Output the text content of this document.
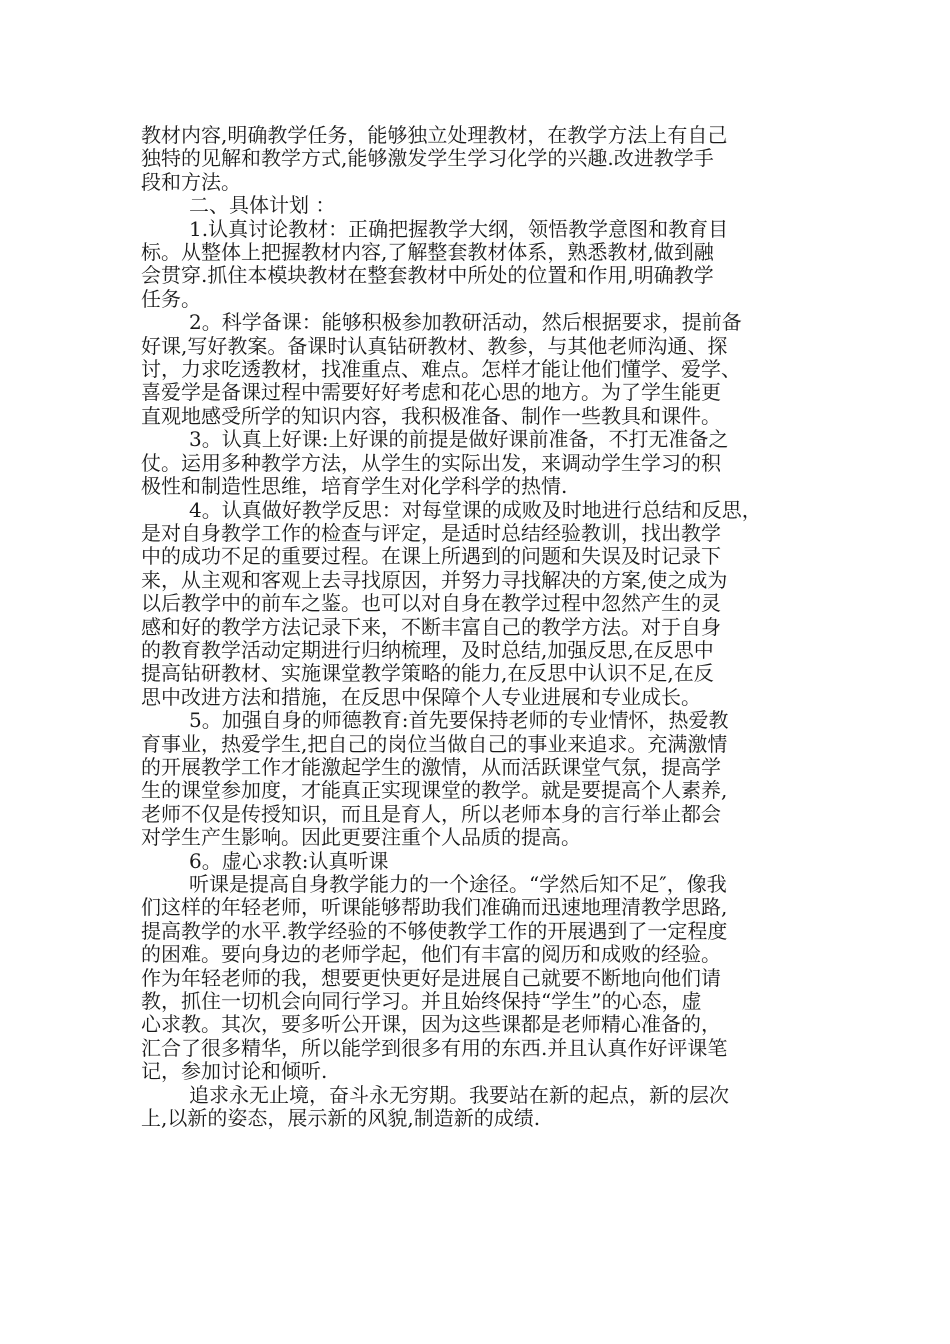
教材内容,明确教学任务，能够独立处理教材，在教学方法上有自己
独特的见解和教学方式,能够激发学生学习化学的兴趣.改进教学手
段和方法。
二、具体计划 ：
1.认真讨论教材：正确把握教学大纲，领悟教学意图和教育目
标。从整体上把握教材内容,了解整套教材体系，熟悉教材,做到融
会贯穿.抓住本模块教材在整套教材中所处的位置和作用,明确教学
任务。
2。科学备课：能够积极参加教研活动，然后根据要求，提前备
好课,写好教案。备课时认真钻研教材、教参，与其他老师沟通、探
讨，力求吃透教材，找准重点、难点。怎样才能让他们懂学、爱学、
喜爱学是备课过程中需要好好考虑和花心思的地方。为了学生能更
直观地感受所学的知识内容，我积极准备、制作一些教具和课件。
3。认真上好课:上好课的前提是做好课前准备，不打无准备之
仗。运用多种教学方法，从学生的实际出发，来调动学生学习的积
极性和制造性思维，培育学生对化学科学的热情.
4。认真做好教学反思：对每堂课的成败及时地进行总结和反思，
是对自身教学工作的检查与评定，是适时总结经验教训，找出教学
中的成功不足的重要过程。在课上所遇到的问题和失误及时记录下
来，从主观和客观上去寻找原因，并努力寻找解决的方案,使之成为
以后教学中的前车之鉴。也可以对自身在教学过程中忽然产生的灵
感和好的教学方法记录下来，不断丰富自己的教学方法。对于自身
的教育教学活动定期进行归纳梳理，及时总结,加强反思,在反思中
提高钻研教材、实施课堂教学策略的能力,在反思中认识不足,在反
思中改进方法和措施，在反思中保障个人专业进展和专业成长。
5。加强自身的师德教育:首先要保持老师的专业情怀，热爱教
育事业，热爱学生,把自己的岗位当做自己的事业来追求。充满激情
的开展教学工作才能激起学生的激情，从而活跃课堂气氛，提高学
生的课堂参加度，才能真正实现课堂的教学。就是要提高个人素养,
老师不仅是传授知识，而且是育人，所以老师本身的言行举止都会
对学生产生影响。因此更要注重个人品质的提高。
6。虚心求教:认真听课
听课是提高自身教学能力的一个途径。“学然后知不足″，像我
们这样的年轻老师，听课能够帮助我们准确而迅速地理清教学思路,
提高教学的水平.教学经验的不够使教学工作的开展遇到了一定程度
的困难。要向身边的老师学起，他们有丰富的阅历和成败的经验。
作为年轻老师的我，想要更快更好是进展自己就要不断地向他们请
教，抓住一切机会向同行学习。并且始终保持“学生”的心态，虚
心求教。其次，要多听公开课，因为这些课都是老师精心准备的，
汇合了很多精华，所以能学到很多有用的东西.并且认真作好评课笔
记，参加讨论和倾听.
追求永无止境，奋斗永无穷期。我要站在新的起点，新的层次
上,以新的姿态，展示新的风貌,制造新的成绩.
